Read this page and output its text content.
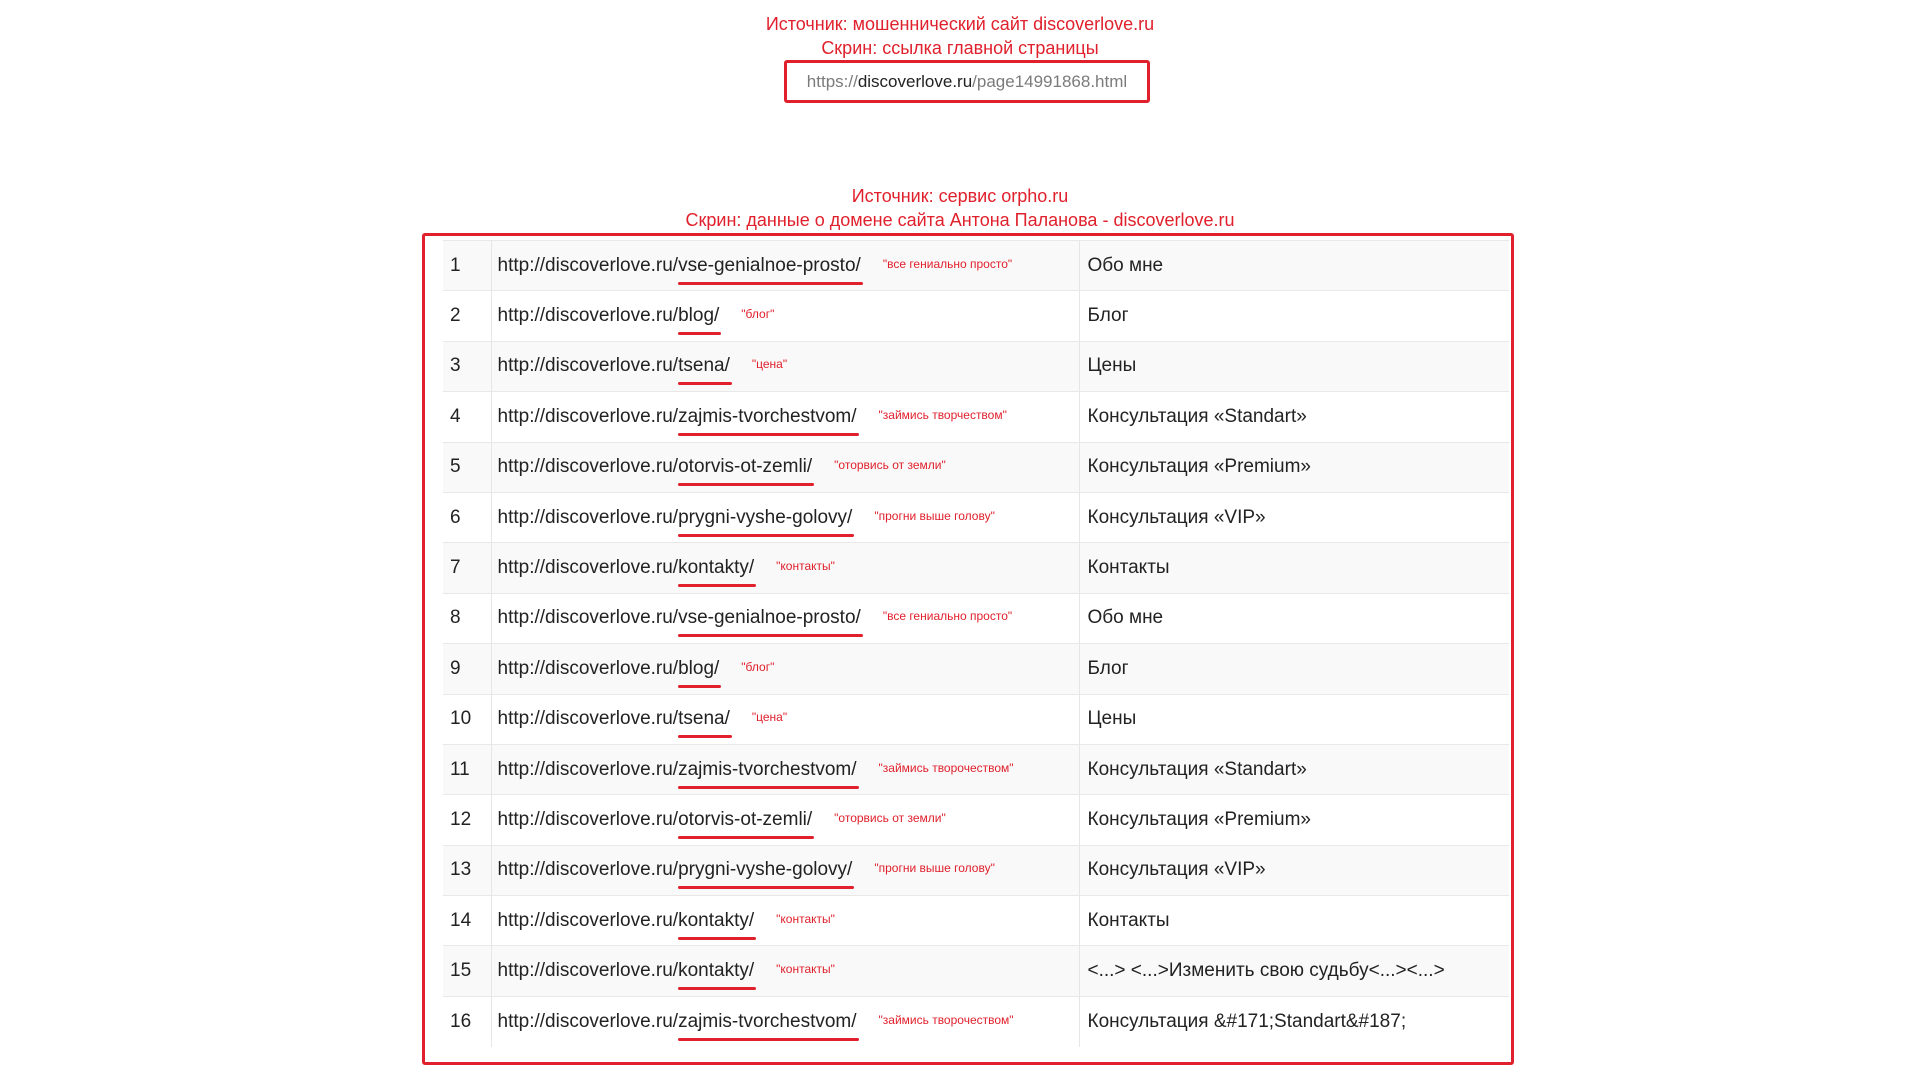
Источник: мошеннический сайт discoverlove.ru
Скрин: ссылка главной страницы
https:// discoverlove.ru /page14991868.html
Источник: сервис orpho.ru
Скрин: данные о домене сайта Антона Паланова - discoverlove.ru
1	http://discoverlove.ru/vse-genialnoe-prosto/ "все гениально просто"	Обо мне
2	http://discoverlove.ru/blog/ "блог"	Блог
3	http://discoverlove.ru/tsena/ "цена"	Цены
4	http://discoverlove.ru/zajmis-tvorchestvom/ "займись творчеством"	Консультация «Standart»
5	http://discoverlove.ru/otorvis-ot-zemli/ "оторвись от земли"	Консультация «Premium»
6	http://discoverlove.ru/prygni-vyshe-golovy/ "прогни выше голову"	Консультация «VIP»
7	http://discoverlove.ru/kontakty/ "контакты"	Контакты
8	http://discoverlove.ru/vse-genialnoe-prosto/ "все гениально просто"	Обо мне
9	http://discoverlove.ru/blog/ "блог"	Блог
10	http://discoverlove.ru/tsena/ "цена"	Цены
11	http://discoverlove.ru/zajmis-tvorchestvom/ "займись творочеством"	Консультация «Standart»
12	http://discoverlove.ru/otorvis-ot-zemli/ "оторвись от земли"	Консультация «Premium»
13	http://discoverlove.ru/prygni-vyshe-golovy/ "прогни выше голову"	Консультация «VIP»
14	http://discoverlove.ru/kontakty/ "контакты"	Контакты
15	http://discoverlove.ru/kontakty/ "контакты"	<...> <...>Изменить свою судьбу<...><...>
16	http://discoverlove.ru/zajmis-tvorchestvom/ "займись творочеством"	Консультация &#171;Standart&#187;
